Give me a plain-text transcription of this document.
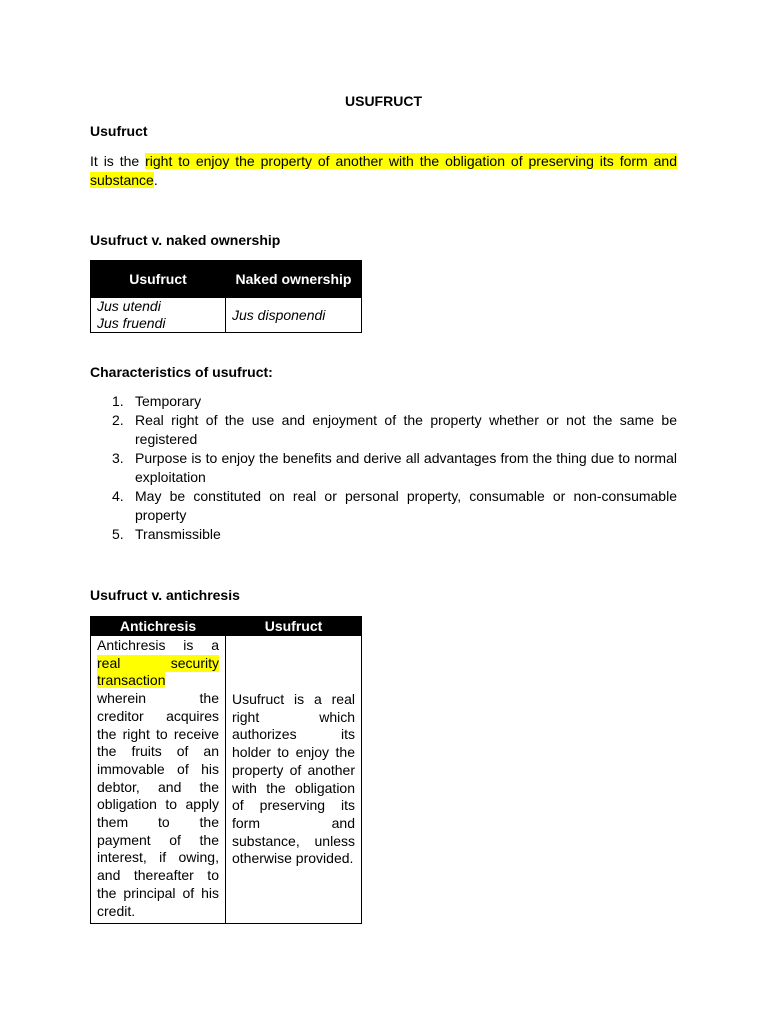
USUFRUCT
Usufruct
It is the right to enjoy the property of another with the obligation of preserving its form and substance.
Usufruct v. naked ownership
Usufruct	Naked ownership

Jus utendi
Jus fruendi	Jus disponendi
Characteristics of usufruct:
1. Temporary
2. Real right of the use and enjoyment of the property whether or not the same be registered
3. Purpose is to enjoy the benefits and derive all advantages from the thing due to normal exploitation
4. May be constituted on real or personal property, consumable or non-consumable property
5. Transmissible
Usufruct v. antichresis
Antichresis	Usufruct

Antichresis is a
real security
transaction
wherein the creditor acquires the right to receive the fruits of an immovable of his debtor, and the obligation to apply them to the payment of the interest, if owing, and thereafter to the principal of his credit.	Usufruct is a real right which authorizes its holder to enjoy the property of another with the obligation of preserving its form and substance, unless otherwise provided.
